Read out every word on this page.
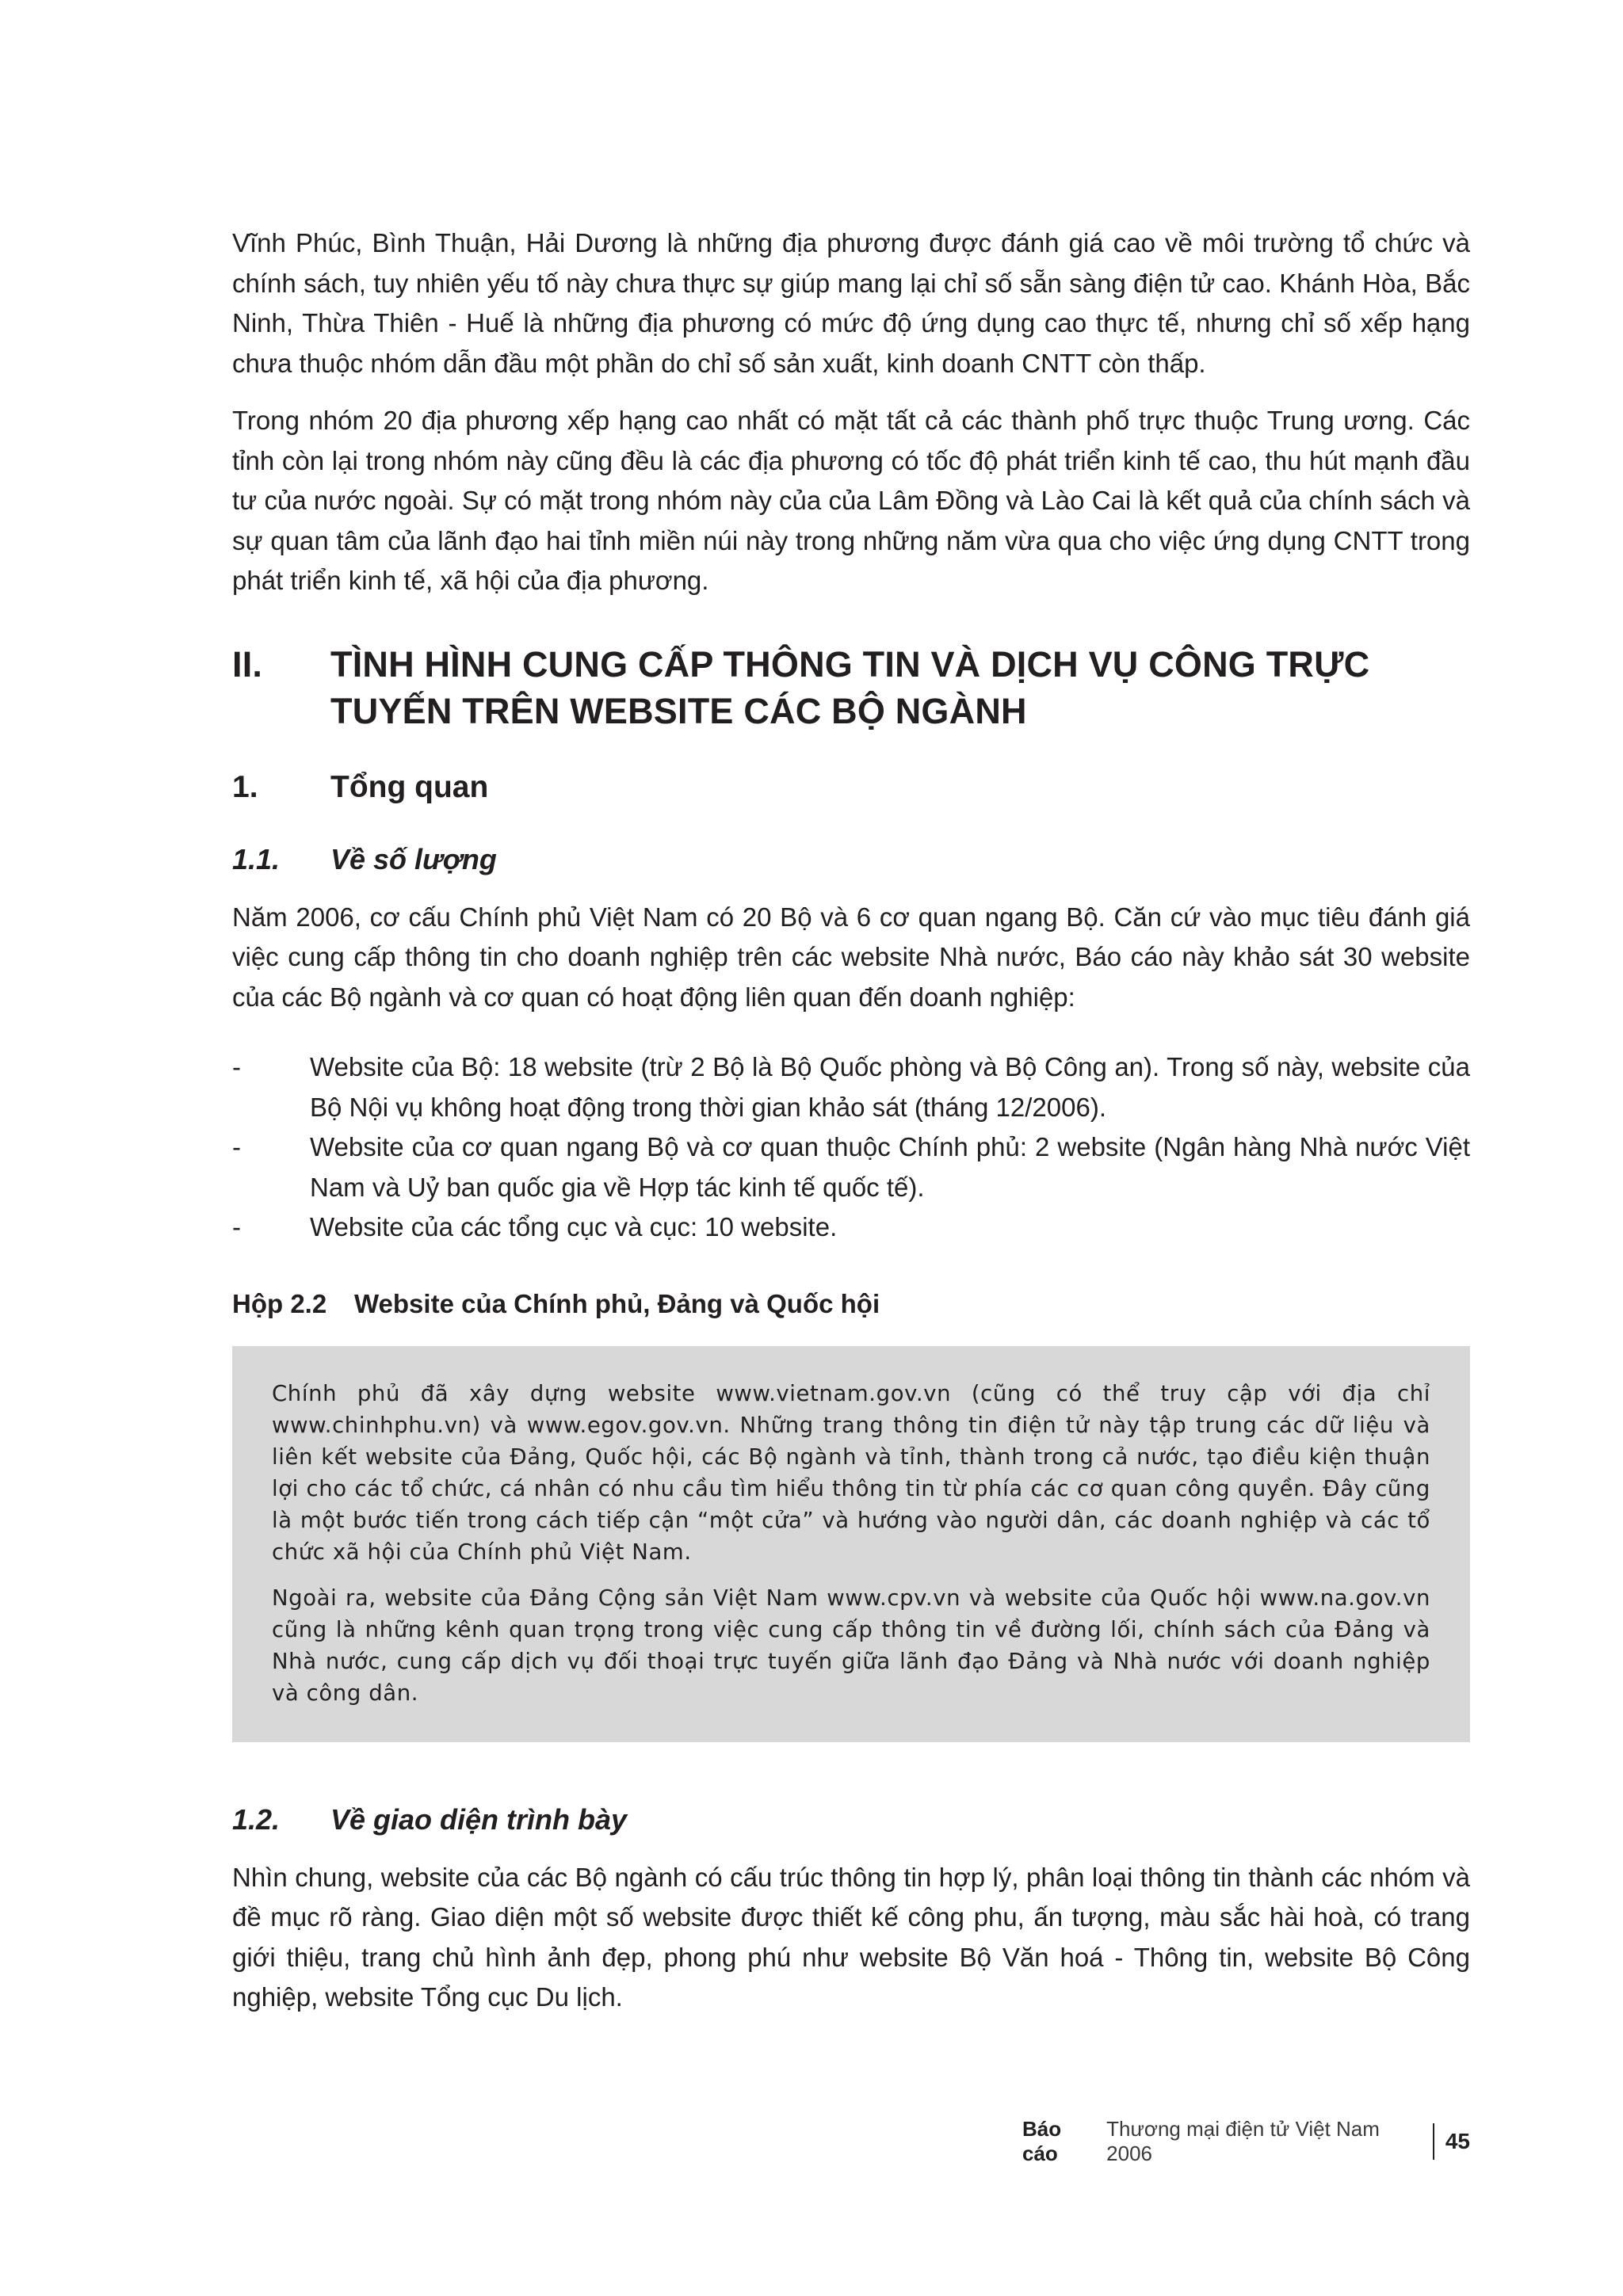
Vĩnh Phúc, Bình Thuận, Hải Dương là những địa phương được đánh giá cao về môi trường tổ chức và chính sách, tuy nhiên yếu tố này chưa thực sự giúp mang lại chỉ số sẵn sàng điện tử cao. Khánh Hòa, Bắc Ninh, Thừa Thiên - Huế là những địa phương có mức độ ứng dụng cao thực tế, nhưng chỉ số xếp hạng chưa thuộc nhóm dẫn đầu một phần do chỉ số sản xuất, kinh doanh CNTT còn thấp.

Trong nhóm 20 địa phương xếp hạng cao nhất có mặt tất cả các thành phố trực thuộc Trung ương. Các tỉnh còn lại trong nhóm này cũng đều là các địa phương có tốc độ phát triển kinh tế cao, thu hút mạnh đầu tư của nước ngoài. Sự có mặt trong nhóm này của của Lâm Đồng và Lào Cai là kết quả của chính sách và sự quan tâm của lãnh đạo hai tỉnh miền núi này trong những năm vừa qua cho việc ứng dụng CNTT trong phát triển kinh tế, xã hội của địa phương.

II.	TÌNH HÌNH CUNG CẤP THÔNG TIN VÀ DỊCH VỤ CÔNG TRỰC TUYẾN TRÊN WEBSITE CÁC BỘ NGÀNH
1.	Tổng quan
1.1.	Về số lượng

Năm 2006, cơ cấu Chính phủ Việt Nam có 20 Bộ và 6 cơ quan ngang Bộ. Căn cứ vào mục tiêu đánh giá việc cung cấp thông tin cho doanh nghiệp trên các website Nhà nước, Báo cáo này khảo sát 30 website của các Bộ ngành và cơ quan có hoạt động liên quan đến doanh nghiệp:

-	Website của Bộ: 18 website (trừ 2 Bộ là Bộ Quốc phòng và Bộ Công an). Trong số này, website của Bộ Nội vụ không hoạt động trong thời gian khảo sát (tháng 12/2006).
-	Website của cơ quan ngang Bộ và cơ quan thuộc Chính phủ: 2 website (Ngân hàng Nhà nước Việt Nam và Uỷ ban quốc gia về Hợp tác kinh tế quốc tế).
-	Website của các tổng cục và cục: 10 website.
Hộp 2.2	Website của Chính phủ, Đảng và Quốc hội

Chính phủ đã xây dựng website www.vietnam.gov.vn (cũng có thể truy cập với địa chỉ www.chinhphu.vn) và www.egov.gov.vn. Những trang thông tin điện tử này tập trung các dữ liệu và liên kết website của Đảng, Quốc hội, các Bộ ngành và tỉnh, thành trong cả nước, tạo điều kiện thuận lợi cho các tổ chức, cá nhân có nhu cầu tìm hiểu thông tin từ phía các cơ quan công quyền. Đây cũng là một bước tiến trong cách tiếp cận “một cửa” và hướng vào người dân, các doanh nghiệp và các tổ chức xã hội của Chính phủ Việt Nam.

Ngoài ra, website của Đảng Cộng sản Việt Nam www.cpv.vn và website của Quốc hội www.na.gov.vn cũng là những kênh quan trọng trong việc cung cấp thông tin về đường lối, chính sách của Đảng và Nhà nước, cung cấp dịch vụ đối thoại trực tuyến giữa lãnh đạo Đảng và Nhà nước với doanh nghiệp và công dân.

1.2.	Về giao diện trình bày

Nhìn chung, website của các Bộ ngành có cấu trúc thông tin hợp lý, phân loại thông tin thành các nhóm và đề mục rõ ràng. Giao diện một số website được thiết kế công phu, ấn tượng, màu sắc hài hoà, có trang giới thiệu, trang chủ hình ảnh đẹp, phong phú như website Bộ Văn hoá - Thông tin, website Bộ Công nghiệp, website Tổng cục Du lịch.

Báo cáo
Thương mại điện tử Việt Nam 2006	45
